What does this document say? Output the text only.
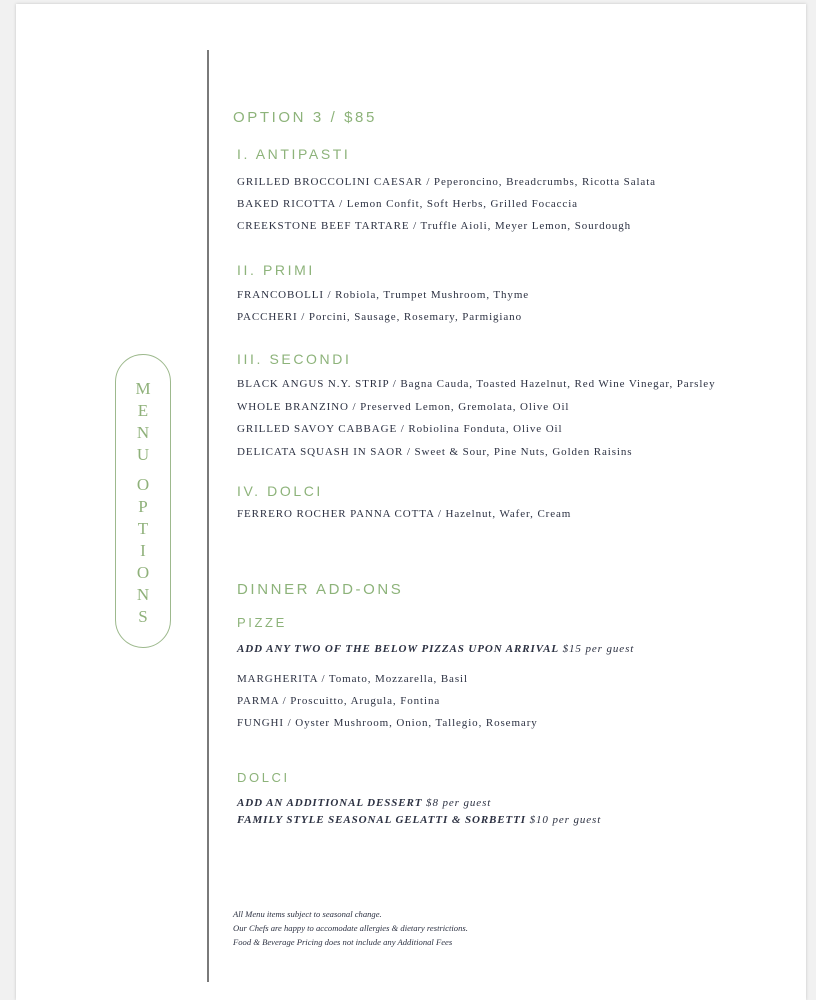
M
E
N
U
O
P
T
I
O
N
S
OPTION 3 / $85
I. ANTIPASTI
GRILLED BROCCOLINI CAESAR / Peperoncino, Breadcrumbs, Ricotta Salata
BAKED RICOTTA / Lemon Confit, Soft Herbs, Grilled Focaccia
CREEKSTONE BEEF TARTARE / Truffle Aioli, Meyer Lemon, Sourdough
II. PRIMI
FRANCOBOLLI / Robiola, Trumpet Mushroom, Thyme
PACCHERI / Porcini, Sausage, Rosemary, Parmigiano
III. SECONDI
BLACK ANGUS N.Y. STRIP / Bagna Cauda, Toasted Hazelnut, Red Wine Vinegar, Parsley
WHOLE BRANZINO / Preserved Lemon, Gremolata, Olive Oil
GRILLED SAVOY CABBAGE / Robiolina Fonduta, Olive Oil
DELICATA SQUASH IN SAOR / Sweet & Sour, Pine Nuts, Golden Raisins
IV. DOLCI
FERRERO ROCHER PANNA COTTA / Hazelnut, Wafer, Cream
DINNER ADD-ONS
PIZZE
ADD ANY TWO OF THE BELOW PIZZAS UPON ARRIVAL $15 per guest
MARGHERITA / Tomato, Mozzarella, Basil
PARMA / Proscuitto, Arugula, Fontina
FUNGHI / Oyster Mushroom, Onion, Tallegio, Rosemary
DOLCI
ADD AN ADDITIONAL DESSERT $8 per guest
FAMILY STYLE SEASONAL GELATTI & SORBETTI $10 per guest
All Menu items subject to seasonal change.
Our Chefs are happy to accomodate allergies & dietary restrictions.
Food & Beverage Pricing does not include any Additional Fees
